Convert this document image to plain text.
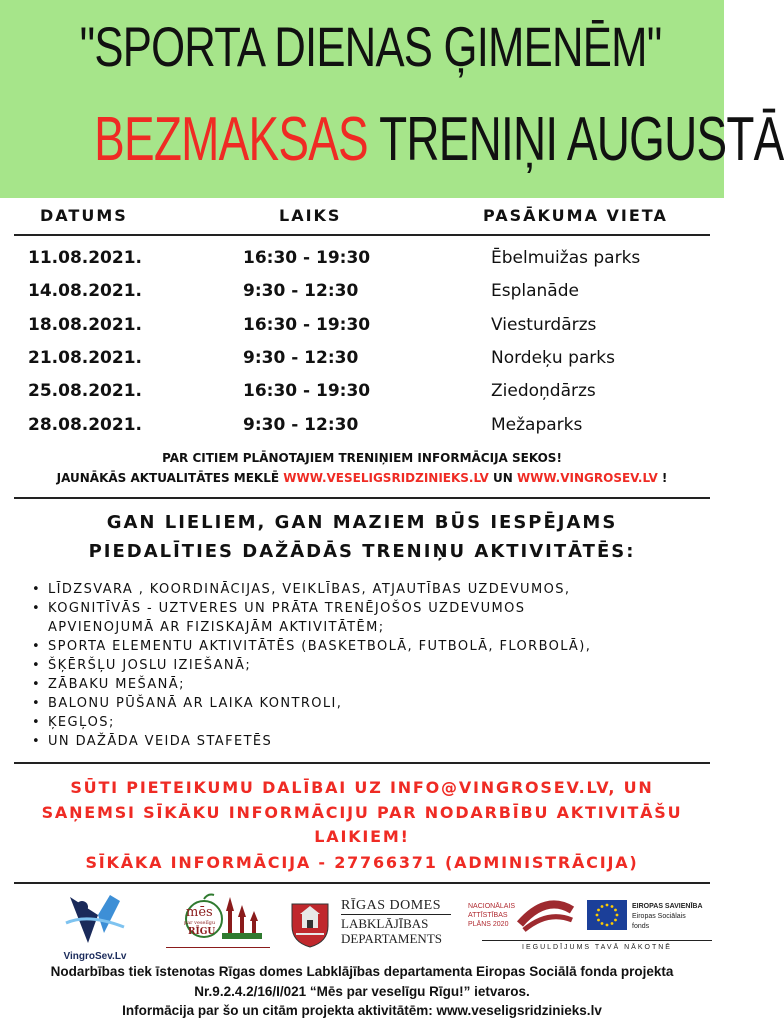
"SPORTA DIENAS ĢIMENĒM"
BEZMAKSAS TRENIŅI AUGUSTĀ
DATUMS	LAIKS	PASĀKUMA VIETA
11.08.2021.	16:30 - 19:30	Ēbelmuižas parks
14.08.2021.	9:30 - 12:30	Esplanāde
18.08.2021.	16:30 - 19:30	Viesturdārzs
21.08.2021.	9:30 - 12:30	Nordeķu parks
25.08.2021.	16:30 - 19:30	Ziedoņdārzs
28.08.2021.	9:30 - 12:30	Mežaparks
PAR CITIEM PLĀNOTAJIEM TRENIŅIEM INFORMĀCIJA SEKOS!
JAUNĀKĀS AKTUALITĀTES MEKLĒ WWW.VESELIGSRIDZINIEKS.LV UN WWW.VINGROSEV.LV !
GAN LIELIEM, GAN MAZIEM BŪS IESPĒJAMS
PIEDALĪTIES DAŽĀDĀS TRENIŅU AKTIVITĀTĒS:
• LĪDZSVARA , KOORDINĀCIJAS, VEIKLĪBAS, ATJAUTĪBAS UZDEVUMOS,
• KOGNITĪVĀS - UZTVERES UN PRĀTA TRENĒJOŠOS UZDEVUMOS
APVIENOJUMĀ AR FIZISKAJĀM AKTIVITĀTĒM;
• SPORTA ELEMENTU AKTIVITĀTĒS (BASKETBOLĀ, FUTBOLĀ, FLORBOLĀ),
• ŠĶĒRŠĻU JOSLU IZIEŠANĀ;
• ZĀBAKU MEŠANĀ;
• BALONU PŪŠANĀ AR LAIKA KONTROLI,
• ĶEGĻOS;
• UN DAŽĀDA VEIDA STAFETĒS
SŪTI PIETEIKUMU DALĪBAI UZ INFO@VINGROSEV.LV, UN
SAŅEMSI SĪKĀKU INFORMĀCIJU PAR NODARBĪBU AKTIVITĀŠU
LAIKIEM!
SĪKĀKA INFORMĀCIJA - 27766371 (ADMINISTRĀCIJA)
VingroSev.Lv
mēs
par veselīgu
RĪGU
RĪGAS DOMES
LABKLĀJĪBAS
DEPARTAMENTS
NACIONĀLAIS
ATTĪSTĪBAS
PLĀNS 2020
EIROPAS SAVIENĪBA
Eiropas Sociālais
fonds
IEGULDĪJUMS TAVĀ NĀKOTNĒ
Nodarbības tiek īstenotas Rīgas domes Labklājības departamenta Eiropas Sociālā fonda projekta
Nr.9.2.4.2/16/I/021 “Mēs par veselīgu Rīgu!” ietvaros.
Informācija par šo un citām projekta aktivitātēm: www.veseligsridzinieks.lv
